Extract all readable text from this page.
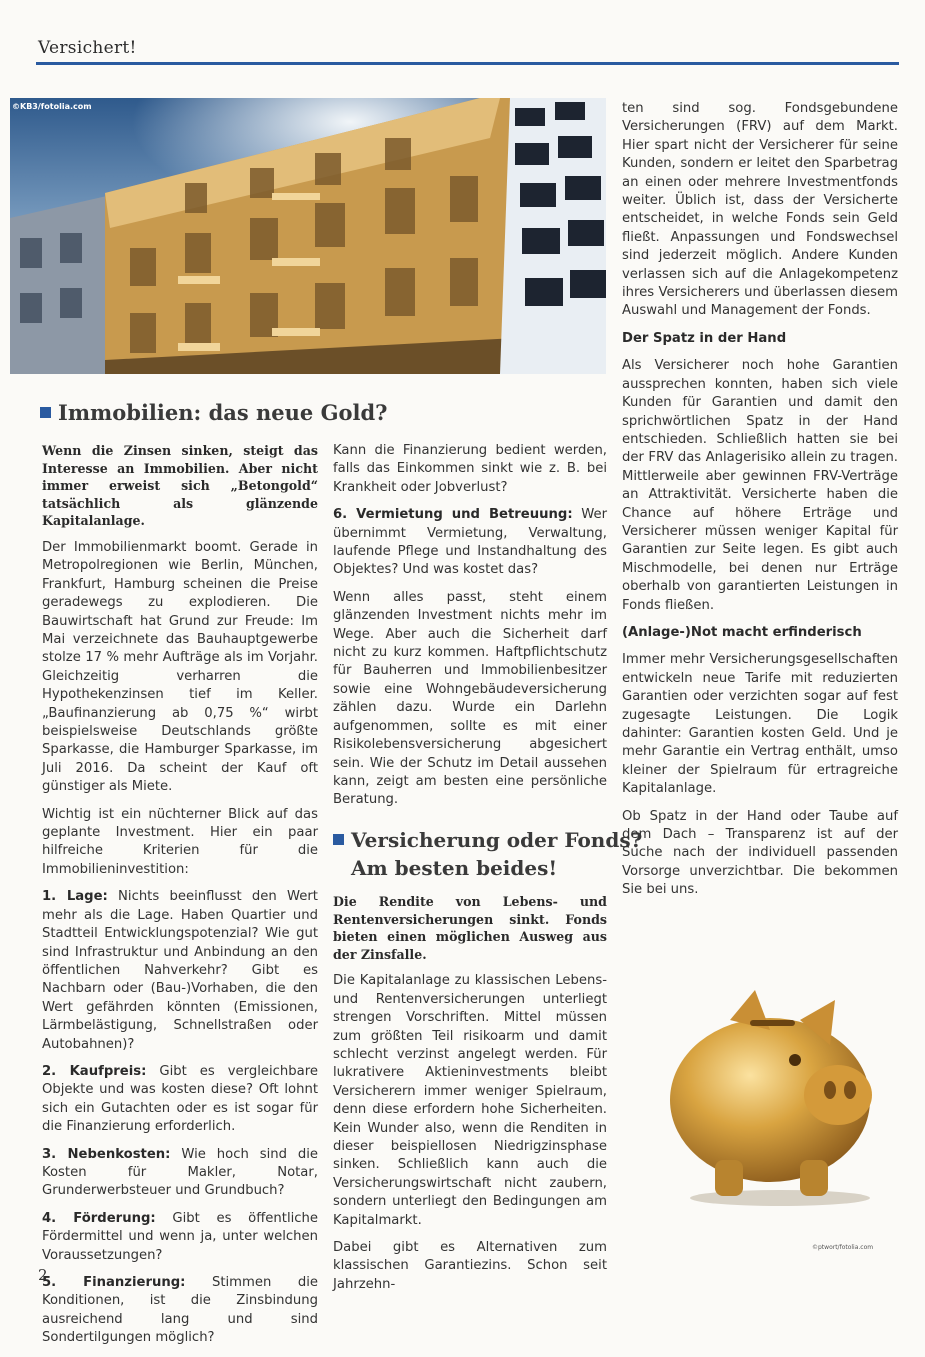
Versichert!
©KB3/fotolia.com
Immobilien: das neue Gold?

Wenn die Zinsen sinken, steigt das Interesse an Immobilien. Aber nicht immer erweist sich „Betongold“ tatsächlich als glänzende Kapitalanlage.

Der Immobilienmarkt boomt. Gerade in Metropolregionen wie Berlin, München, Frankfurt, Hamburg scheinen die Preise geradewegs zu explodieren. Die Bauwirtschaft hat Grund zur Freude: Im Mai verzeichnete das Bauhauptgewerbe stolze 17 % mehr Aufträge als im Vorjahr. Gleichzeitig verharren die Hypothekenzinsen tief im Keller. „Baufinanzierung ab 0,75 %“ wirbt beispielsweise Deutschlands größte Sparkasse, die Hamburger Sparkasse, im Juli 2016. Da scheint der Kauf oft günstiger als Miete.

Wichtig ist ein nüchterner Blick auf das geplante Investment. Hier ein paar hilfreiche Kriterien für die Immobilieninvestition:

1. Lage: Nichts beeinflusst den Wert mehr als die Lage. Haben Quartier und Stadtteil Entwicklungspotenzial? Wie gut sind Infrastruktur und Anbindung an den öffentlichen Nahverkehr? Gibt es Nachbarn oder (Bau-)Vorhaben, die den Wert gefährden könnten (Emissionen, Lärmbelästigung, Schnellstraßen oder Autobahnen)?

2. Kaufpreis: Gibt es vergleichbare Objekte und was kosten diese? Oft lohnt sich ein Gutachten oder es ist sogar für die Finanzierung erforderlich.

3. Nebenkosten: Wie hoch sind die Kosten für Makler, Notar, Grunderwerbsteuer und Grundbuch?

4. Förderung: Gibt es öffentliche Fördermittel und wenn ja, unter welchen Voraussetzungen?

5. Finanzierung: Stimmen die Konditionen, ist die Zinsbindung ausreichend lang und sind Sondertilgungen möglich?

Kann die Finanzierung bedient werden, falls das Einkommen sinkt wie z. B. bei Krankheit oder Jobverlust?

6. Vermietung und Betreuung: Wer übernimmt Vermietung, Verwaltung, laufende Pflege und Instandhaltung des Objektes? Und was kostet das?

Wenn alles passt, steht einem glänzenden Investment nichts mehr im Wege. Aber auch die Sicherheit darf nicht zu kurz kommen. Haftpflichtschutz für Bauherren und Immobilienbesitzer sowie eine Wohngebäudeversicherung zählen dazu. Wurde ein Darlehn aufgenommen, sollte es mit einer Risikolebensversicherung abgesichert sein. Wie der Schutz im Detail aussehen kann, zeigt am besten eine persönliche Beratung.

Versicherung oder Fonds?
Am besten beides!

Die Rendite von Lebens- und Rentenversicherungen sinkt. Fonds bieten einen möglichen Ausweg aus der Zinsfalle.

Die Kapitalanlage zu klassischen Lebens- und Rentenversicherungen unterliegt strengen Vorschriften. Mittel müssen zum größten Teil risikoarm und damit schlecht verzinst angelegt werden. Für lukrativere Aktieninvestments bleibt Versicherern immer weniger Spielraum, denn diese erfordern hohe Sicherheiten. Kein Wunder also, wenn die Renditen in dieser beispiellosen Niedrigzinsphase sinken. Schließlich kann auch die Versicherungswirtschaft nicht zaubern, sondern unterliegt den Bedingungen am Kapitalmarkt.

Dabei gibt es Alternativen zum klassischen Garantiezins. Schon seit Jahrzehn-

ten sind sog. Fondsgebundene Versicherungen (FRV) auf dem Markt. Hier spart nicht der Versicherer für seine Kunden, sondern er leitet den Sparbetrag an einen oder mehrere Investmentfonds weiter. Üblich ist, dass der Versicherte entscheidet, in welche Fonds sein Geld fließt. Anpassungen und Fondswechsel sind jederzeit möglich. Andere Kunden verlassen sich auf die Anlagekompetenz ihres Versicherers und überlassen diesem Auswahl und Management der Fonds.

Der Spatz in der Hand

Als Versicherer noch hohe Garantien aussprechen konnten, haben sich viele Kunden für Garantien und damit den sprichwörtlichen Spatz in der Hand entschieden. Schließlich hatten sie bei der FRV das Anlagerisiko allein zu tragen. Mittlerweile aber gewinnen FRV-Verträge an Attraktivität. Versicherte haben die Chance auf höhere Erträge und Versicherer müssen weniger Kapital für Garantien zur Seite legen. Es gibt auch Mischmodelle, bei denen nur Erträge oberhalb von garantierten Leistungen in Fonds fließen.

(Anlage-)Not macht erfinderisch

Immer mehr Versicherungsgesellschaften entwickeln neue Tarife mit reduzierten Garantien oder verzichten sogar auf fest zugesagte Leistungen. Die Logik dahinter: Garantien kosten Geld. Und je mehr Garantie ein Vertrag enthält, umso kleiner der Spielraum für ertragreiche Kapitalanlage.

Ob Spatz in der Hand oder Taube auf dem Dach – Transparenz ist auf der Suche nach der individuell passenden Vorsorge unverzichtbar. Die bekommen Sie bei uns.

©ptwort/fotolia.com
2
